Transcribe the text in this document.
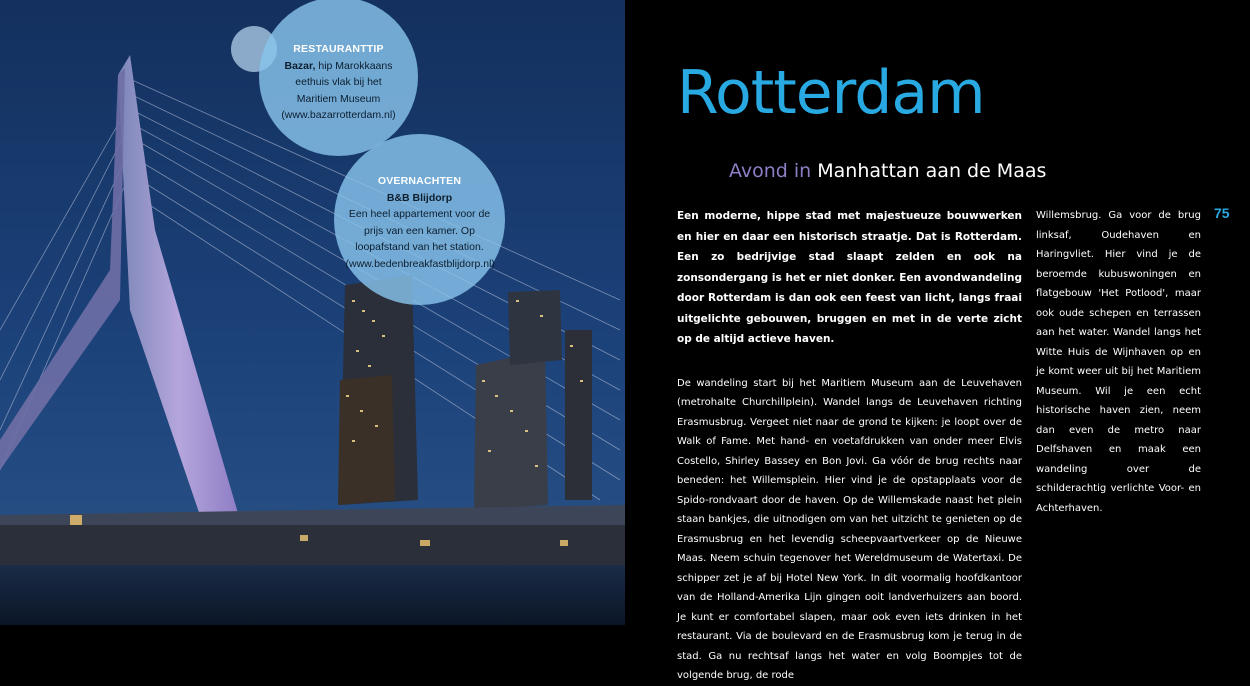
RESTAURANTTIP
Bazar, hip Marokkaans eethuis vlak bij het Maritiem Museum (www.bazarrotterdam.nl)
OVERNACHTEN
B&B Blijdorp
Een heel appartement voor de prijs van een kamer. Op loopafstand van het station. (www.bedenbreakfastblijdorp.nl)
Rotterdam
Avond in Manhattan aan de Maas
75

Een moderne, hippe stad met majestueuze bouwwerken en hier en daar een historisch straatje. Dat is Rotterdam. Een zo bedrijvige stad slaapt zelden en ook na zonsondergang is het er niet donker. Een avondwandeling door Rotterdam is dan ook een feest van licht, langs fraai uitgelichte gebouwen, bruggen en met in de verte zicht op de altijd actieve haven.

De wandeling start bij het Maritiem Museum aan de Leuvehaven (metrohalte Churchillplein). Wandel langs de Leuvehaven richting Erasmusbrug. Vergeet niet naar de grond te kijken: je loopt over de Walk of Fame. Met hand- en voetafdrukken van onder meer Elvis Costello, Shirley Bassey en Bon Jovi. Ga vóór de brug rechts naar beneden: het Willemsplein. Hier vind je de opstapplaats voor de Spido-rondvaart door de haven. Op de Willemskade naast het plein staan bankjes, die uitnodigen om van het uitzicht te genieten op de Erasmusbrug en het levendig scheepvaartverkeer op de Nieuwe Maas. Neem schuin tegenover het Wereldmuseum de Watertaxi. De schipper zet je af bij Hotel New York. In dit voormalig hoofdkantoor van de Holland-Amerika Lijn gingen ooit landverhuizers aan boord. Je kunt er comfortabel slapen, maar ook even iets drinken in het restaurant. Via de boulevard en de Erasmusbrug kom je terug in de stad. Ga nu rechtsaf langs het water en volg Boompjes tot de volgende brug, de rode

Willemsbrug. Ga voor de brug linksaf, Oudehaven en Haringvliet. Hier vind je de beroemde kubuswoningen en flatgebouw 'Het Potlood', maar ook oude schepen en terrassen aan het water. Wandel langs het Witte Huis de Wijnhaven op en je komt weer uit bij het Maritiem Museum. Wil je een echt historische haven zien, neem dan even de metro naar Delfshaven en maak een wandeling over de schilderachtig verlichte Voor- en Achterhaven.
